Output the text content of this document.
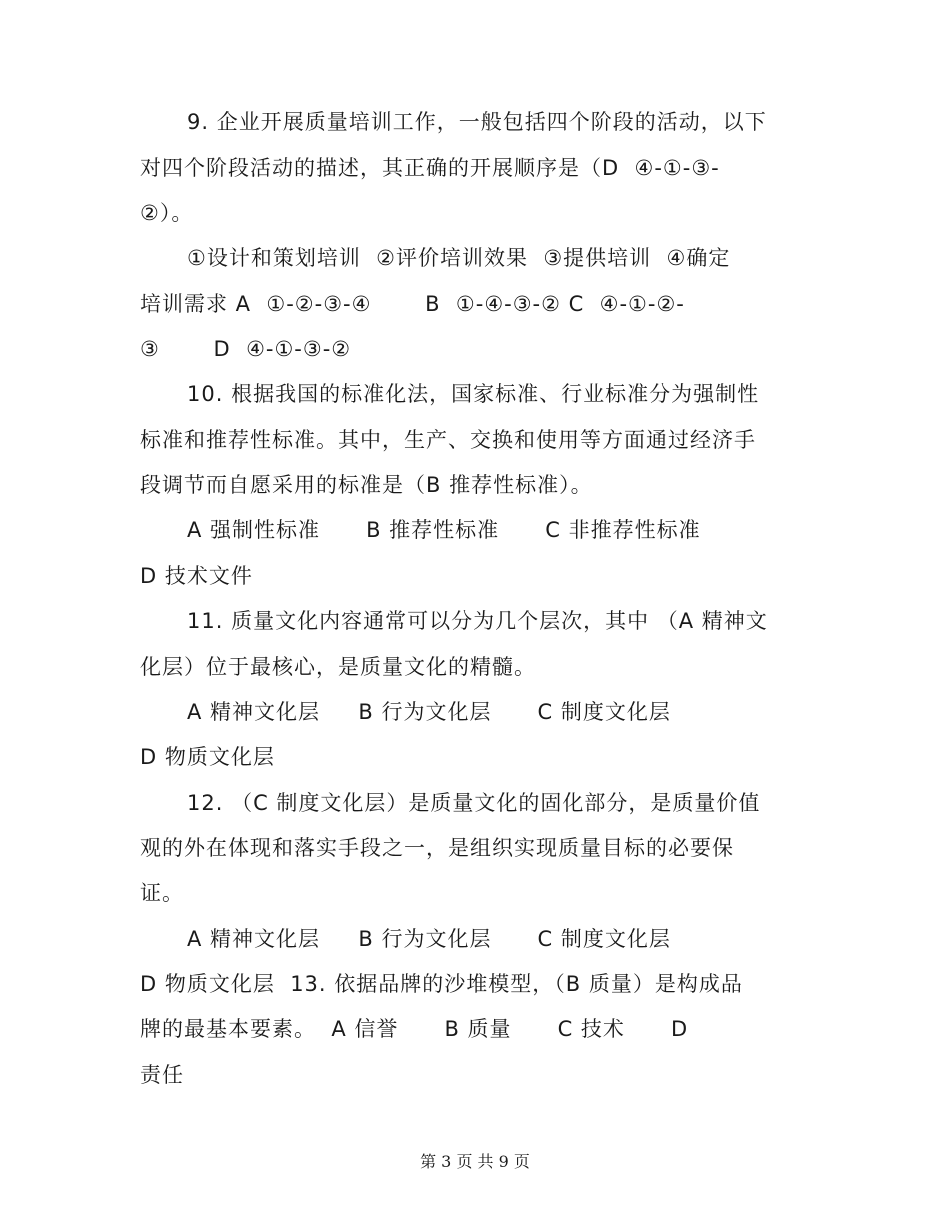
9. 企业开展质量培训工作，一般包括四个阶段的活动，以下
对四个阶段活动的描述，其正确的开展顺序是（D  ④-①-③-
②）。
①设计和策划培训  ②评价培训效果  ③提供培训  ④确定
培训需求 A  ①-②-③-④       B  ①-④-③-② C  ④-①-②-
③       D  ④-①-③-②
10. 根据我国的标准化法，国家标准、行业标准分为强制性
标准和推荐性标准。其中，生产、交换和使用等方面通过经济手
段调节而自愿采用的标准是（B 推荐性标准）。
A 强制性标准      B 推荐性标准      C 非推荐性标准
D 技术文件
11. 质量文化内容通常可以分为几个层次，其中 （A 精神文
化层）位于最核心，是质量文化的精髓。
A 精神文化层     B 行为文化层      C 制度文化层
D 物质文化层
12. （C 制度文化层）是质量文化的固化部分，是质量价值
观的外在体现和落实手段之一，是组织实现质量目标的必要保
证。
A 精神文化层     B 行为文化层      C 制度文化层
D 物质文化层  13. 依据品牌的沙堆模型，（B 质量）是构成品
牌的最基本要素。  A 信誉      B 质量      C 技术      D
责任
第 3 页 共 9 页
